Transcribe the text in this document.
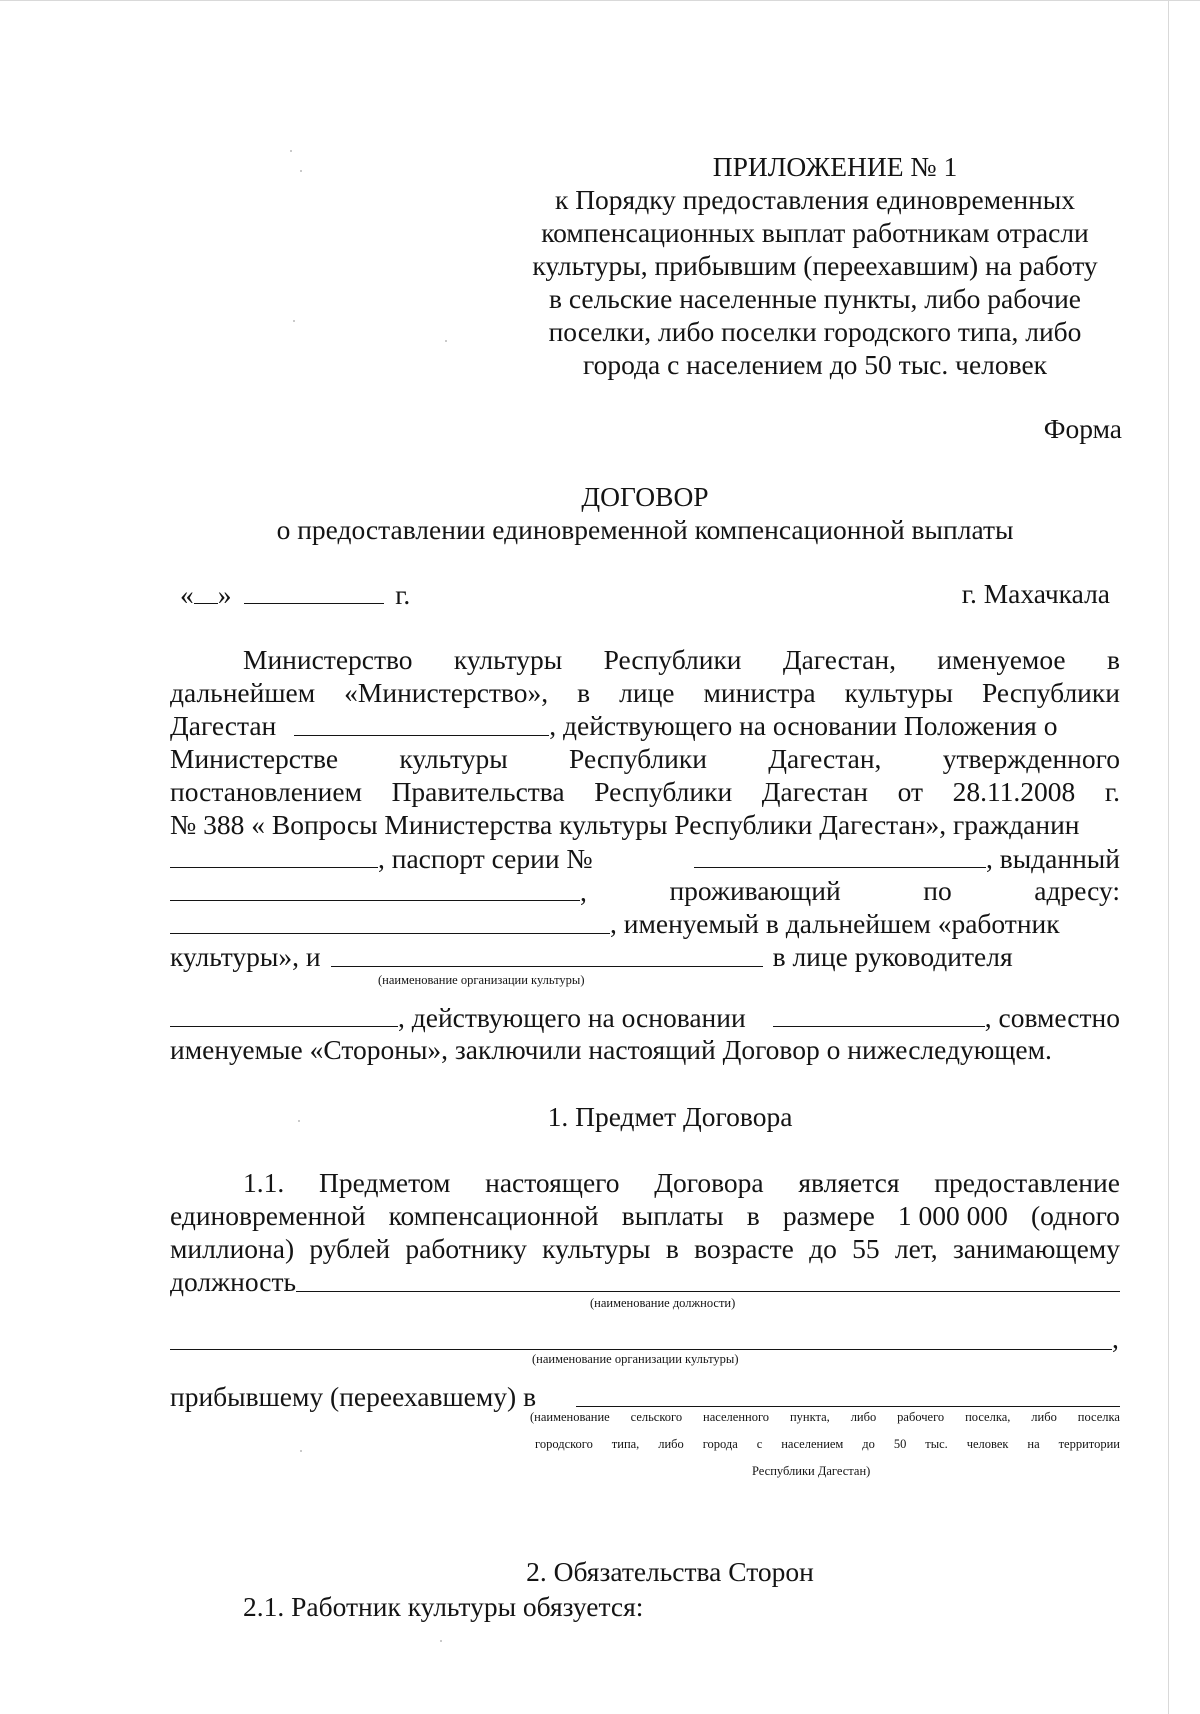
ПРИЛОЖЕНИЕ № 1
к Порядку предоставления единовременных
компенсационных выплат работникам отрасли
культуры, прибывшим (переехавшим) на работу
в сельские населенные пункты, либо рабочие
поселки, либо поселки городского типа, либо
города с населением до 50 тыс. человек
Форма
ДОГОВОР
о предоставлении единовременной компенсационной выплаты
« »	г.	г. Махачкала
Министерство культуры Республики Дагестан, именуемое в
дальнейшем «Министерство», в лице министра культуры Республики
Дагестан	, действующего на основании Положения о
Министерстве культуры Республики Дагестан, утвержденного
постановлением Правительства Республики Дагестан от 28.11.2008 г.
№ 388 « Вопросы Министерства культуры Республики Дагестан», гражданин
, паспорт серии №	, выданный
,	проживающий	по	адресу:
, именуемый в дальнейшем «работник
культуры», и	в лице руководителя
(наименование организации культуры)
, действующего на основании	, совместно
именуемые «Стороны», заключили настоящий Договор о нижеследующем.
1. Предмет Договора
1.1. Предметом настоящего Договора является предоставление
единовременной компенсационной выплаты в размере 1 000 000 (одного
миллиона) рублей работнику культуры в возрасте до 55 лет, занимающему
должность
(наименование должности)
,
(наименование организации культуры)
прибывшему (переехавшему) в
(наименование сельского населенного пункта, либо рабочего поселка, либо поселка
городского типа, либо города с населением до 50 тыс. человек на территории
Республики Дагестан)
2. Обязательства Сторон
2.1. Работник культуры обязуется:
